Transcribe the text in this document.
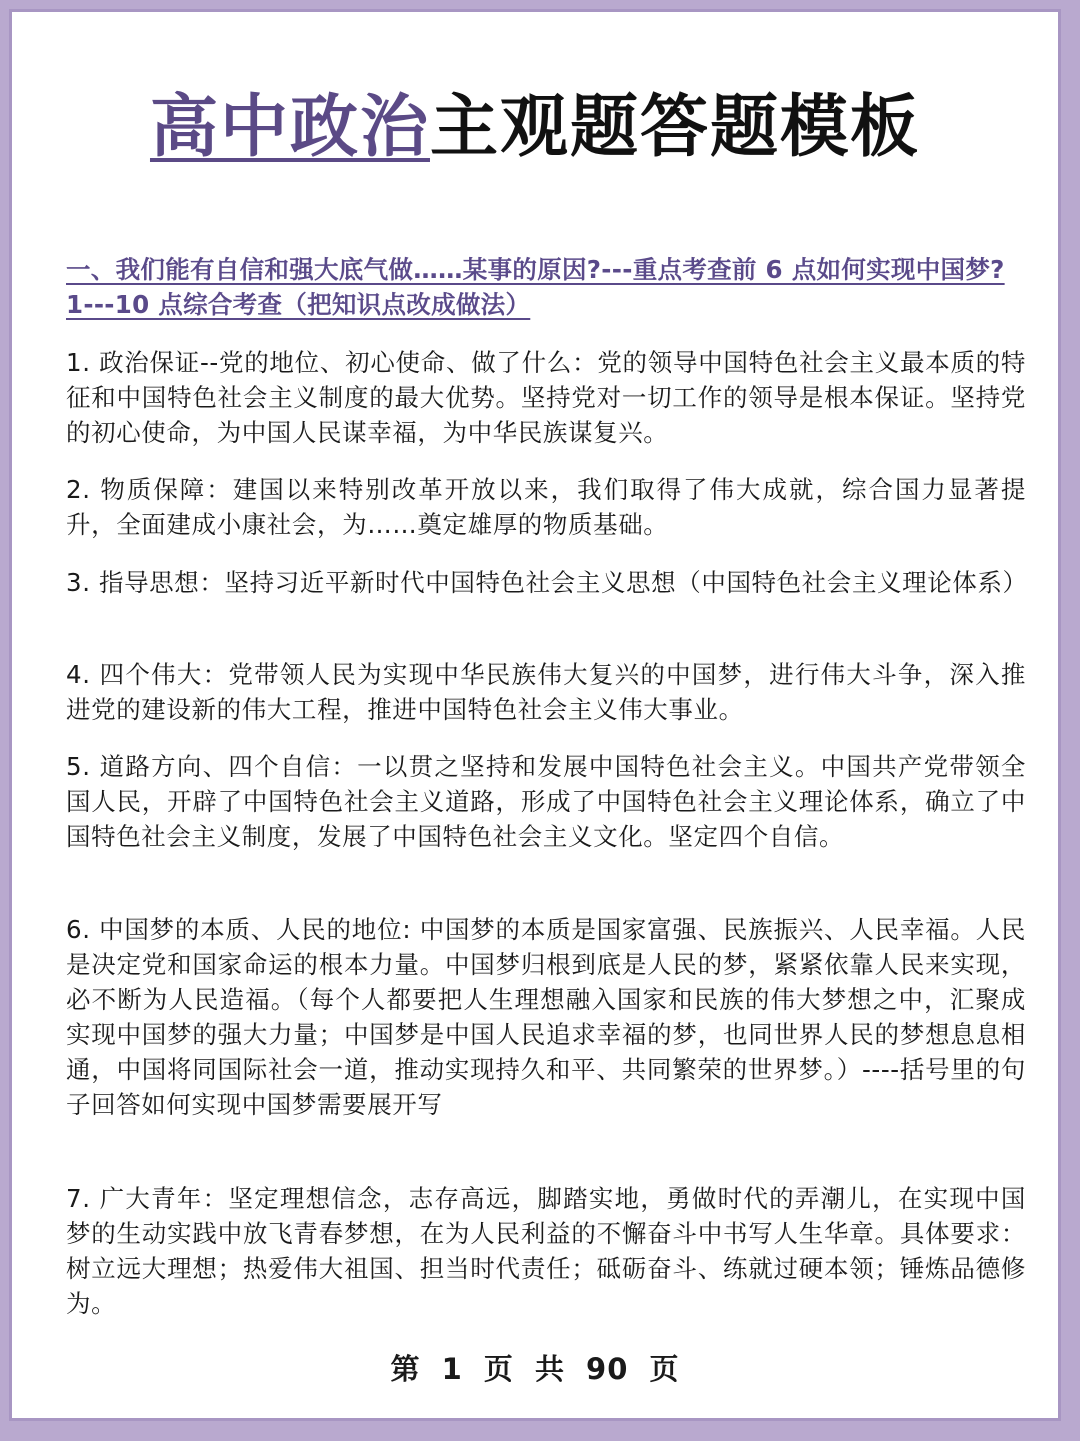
高中政治主观题答题模板
一、我们能有自信和强大底气做……某事的原因?---重点考查前 6 点如何实现中国梦? 1---10 点综合考查（把知识点改成做法）
1. 政治保证--党的地位、初心使命、做了什么：党的领导中国特色社会主义最本质的特征和中国特色社会主义制度的最大优势。坚持党对一切工作的领导是根本保证。坚持党的初心使命，为中国人民谋幸福，为中华民族谋复兴。
2. 物质保障：建国以来特别改革开放以来，我们取得了伟大成就，综合国力显著提升，全面建成小康社会，为……奠定雄厚的物质基础。
3. 指导思想：坚持习近平新时代中国特色社会主义思想（中国特色社会主义理论体系）
4. 四个伟大：党带领人民为实现中华民族伟大复兴的中国梦，进行伟大斗争，深入推进党的建设新的伟大工程，推进中国特色社会主义伟大事业。
5. 道路方向、四个自信：一以贯之坚持和发展中国特色社会主义。中国共产党带领全国人民，开辟了中国特色社会主义道路，形成了中国特色社会主义理论体系，确立了中国特色社会主义制度，发展了中国特色社会主义文化。坚定四个自信。
6. 中国梦的本质、人民的地位: 中国梦的本质是国家富强、民族振兴、人民幸福。人民是决定党和国家命运的根本力量。中国梦归根到底是人民的梦，紧紧依靠人民来实现，必不断为人民造福。（每个人都要把人生理想融入国家和民族的伟大梦想之中，汇聚成实现中国梦的强大力量；中国梦是中国人民追求幸福的梦，也同世界人民的梦想息息相通，中国将同国际社会一道，推动实现持久和平、共同繁荣的世界梦。）----括号里的句子回答如何实现中国梦需要展开写
7. 广大青年：坚定理想信念，志存高远，脚踏实地，勇做时代的弄潮儿，在实现中国梦的生动实践中放飞青春梦想，在为人民利益的不懈奋斗中书写人生华章。具体要求：树立远大理想；热爱伟大祖国、担当时代责任；砥砺奋斗、练就过硬本领；锤炼品德修为。
第 1 页 共 90 页
